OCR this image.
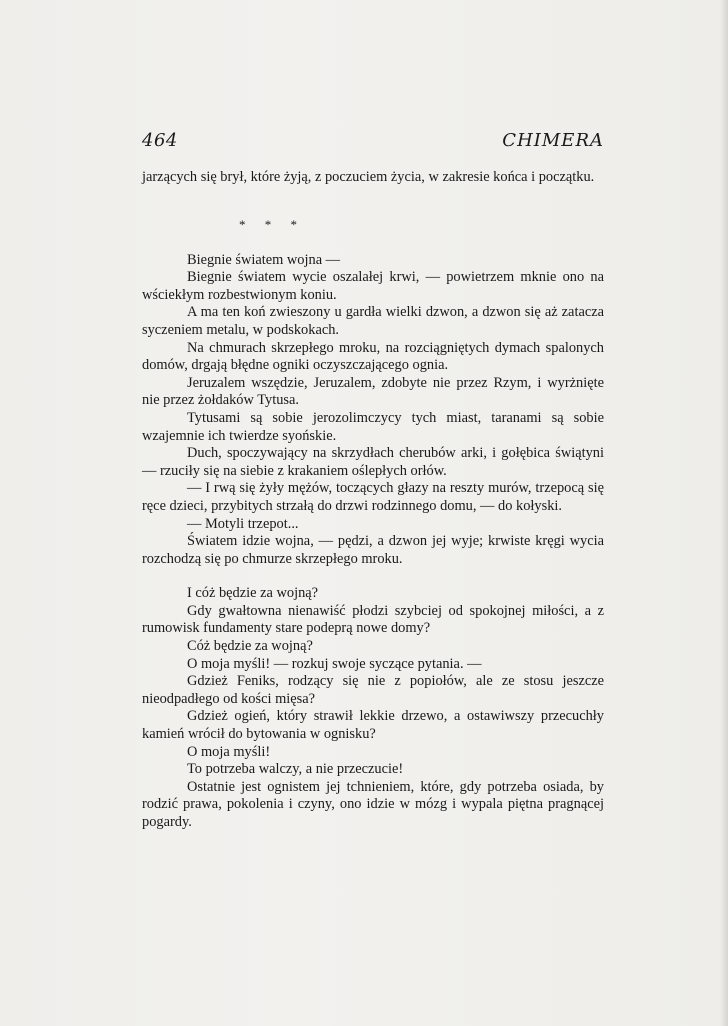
464	CHIMERA

jarzących się brył, które żyją, z poczuciem życia, w zakresie końca i początku.

* * *

Biegnie światem wojna —

Biegnie światem wycie oszalałej krwi, — powietrzem mknie ono na wściekłym rozbestwionym koniu.

A ma ten koń zwieszony u gardła wielki dzwon, a dzwon się aż zatacza syczeniem metalu, w podskokach.

Na chmurach skrzepłego mroku, na rozciągniętych dymach spalonych domów, drgają błędne ogniki oczyszczającego ognia.

Jeruzalem wszędzie, Jeruzalem, zdobyte nie przez Rzym, i wyrżnięte nie przez żołdaków Tytusa.

Tytusami są sobie jerozolimczycy tych miast, taranami są sobie wzajemnie ich twierdze syońskie.

Duch, spoczywający na skrzydłach cherubów arki, i gołębica świątyni — rzuciły się na siebie z krakaniem oślepłych orłów.

— I rwą się żyły mężów, toczących głazy na reszty murów, trzepocą się ręce dzieci, przybitych strzałą do drzwi rodzinnego domu, — do kołyski.

— Motyli trzepot...

Światem idzie wojna, — pędzi, a dzwon jej wyje; krwiste kręgi wycia rozchodzą się po chmurze skrzepłego mroku.

I cóż będzie za wojną?

Gdy gwałtowna nienawiść płodzi szybciej od spokojnej miłości, a z rumowisk fundamenty stare podeprą nowe domy?

Cóż będzie za wojną?

O moja myśli! — rozkuj swoje syczące pytania. —

Gdzież Feniks, rodzący się nie z popiołów, ale ze stosu jeszcze nieodpadłego od kości mięsa?

Gdzież ogień, który strawił lekkie drzewo, a ostawiwszy przecuchły kamień wrócił do bytowania w ognisku?

O moja myśli!

To potrzeba walczy, a nie przeczucie!

Ostatnie jest ognistem jej tchnieniem, które, gdy potrzeba osiada, by rodzić prawa, pokolenia i czyny, ono idzie w mózg i wypala piętna pragnącej pogardy.
